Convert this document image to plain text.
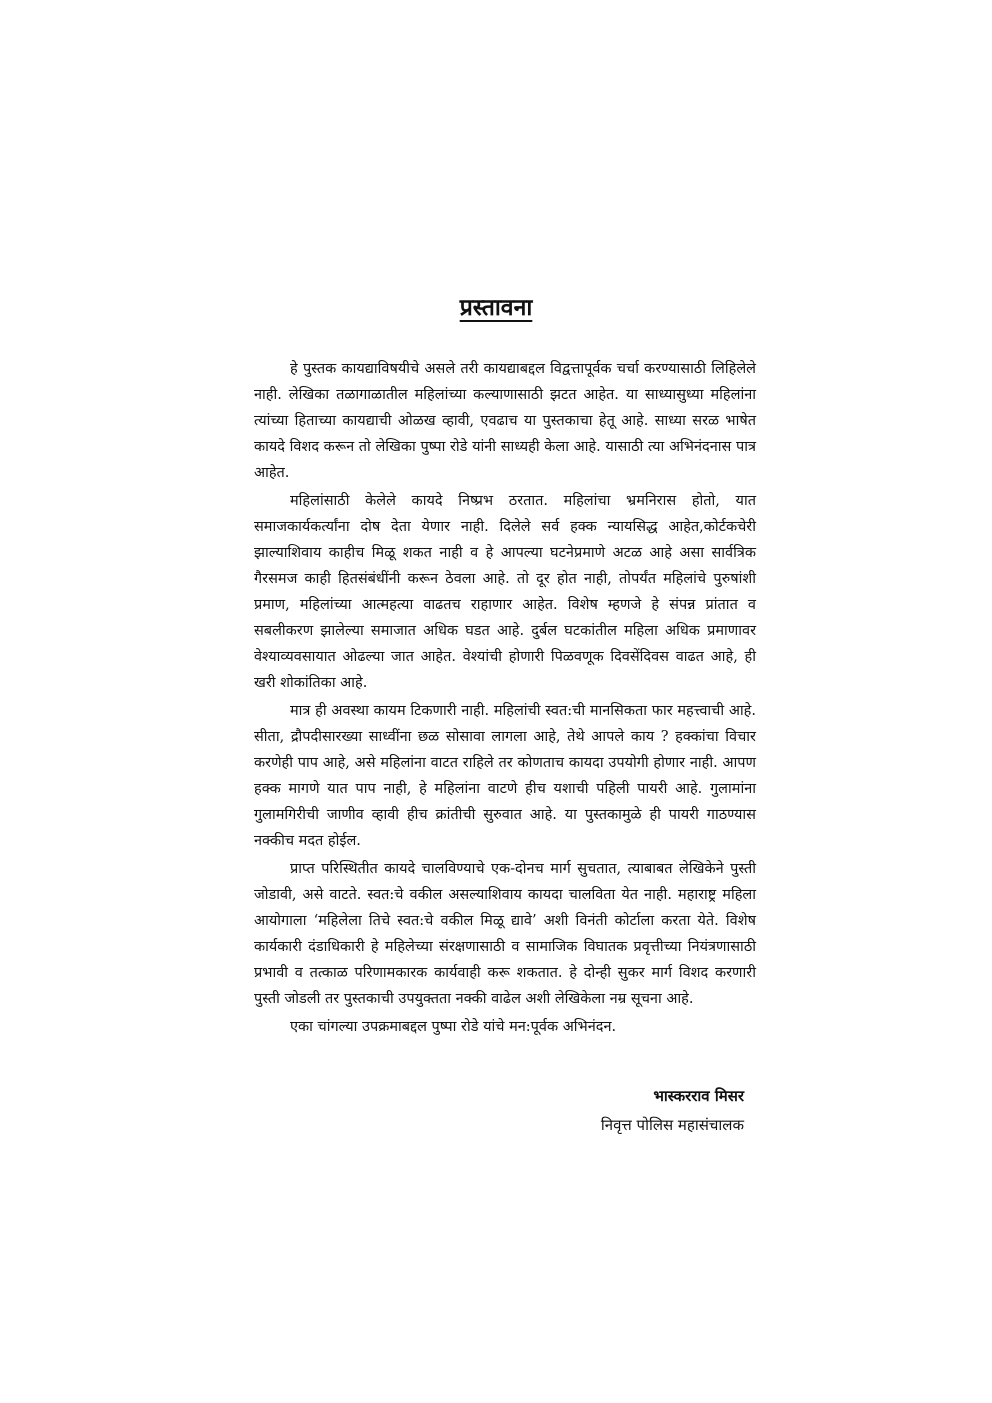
प्रस्तावना

हे पुस्तक कायद्याविषयीचे असले तरी कायद्याबद्दल विद्वत्तापूर्वक चर्चा करण्यासाठी लिहिलेले नाही. लेखिका तळागाळातील महिलांच्या कल्याणासाठी झटत आहेत. या साध्यासुध्या महिलांना त्यांच्या हिताच्या कायद्याची ओळख व्हावी, एवढाच या पुस्तकाचा हेतू आहे. साध्या सरळ भाषेत कायदे विशद करून तो लेखिका पुष्पा रोडे यांनी साध्यही केला आहे. यासाठी त्या अभिनंदनास पात्र आहेत.

महिलांसाठी केलेले कायदे निष्प्रभ ठरतात. महिलांचा भ्रमनिरास होतो, यात समाजकार्यकर्त्यांना दोष देता येणार नाही. दिलेले सर्व हक्क न्यायसिद्ध आहेत,कोर्टकचेरी झाल्याशिवाय काहीच मिळू शकत नाही व हे आपल्या घटनेप्रमाणे अटळ आहे असा सार्वत्रिक गैरसमज काही हितसंबंधींनी करून ठेवला आहे. तो दूर होत नाही, तोपर्यंत महिलांचे पुरुषांशी प्रमाण, महिलांच्या आत्महत्या वाढतच राहाणार आहेत. विशेष म्हणजे हे संपन्न प्रांतात व सबलीकरण झालेल्या समाजात अधिक घडत आहे. दुर्बल घटकांतील महिला अधिक प्रमाणावर वेश्याव्यवसायात ओढल्या जात आहेत. वेश्यांची होणारी पिळवणूक दिवसेंदिवस वाढत आहे, ही खरी शोकांतिका आहे.

मात्र ही अवस्था कायम टिकणारी नाही. महिलांची स्वत:ची मानसिकता फार महत्त्वाची आहे. सीता, द्रौपदीसारख्या साध्वींना छळ सोसावा लागला आहे, तेथे आपले काय ? हक्कांचा विचार करणेही पाप आहे, असे महिलांना वाटत राहिले तर कोणताच कायदा उपयोगी होणार नाही. आपण हक्क मागणे यात पाप नाही, हे महिलांना वाटणे हीच यशाची पहिली पायरी आहे. गुलामांना गुलामगिरीची जाणीव व्हावी हीच क्रांतीची सुरुवात आहे. या पुस्तकामुळे ही पायरी गाठण्यास नक्कीच मदत होईल.

प्राप्त परिस्थितीत कायदे चालविण्याचे एक-दोनच मार्ग सुचतात, त्याबाबत लेखिकेने पुस्ती जोडावी, असे वाटते. स्वत:चे वकील असल्याशिवाय कायदा चालविता येत नाही. महाराष्ट्र महिला आयोगाला ‘महिलेला तिचे स्वत:चे वकील मिळू द्यावे’ अशी विनंती कोर्टाला करता येते. विशेष कार्यकारी दंडाधिकारी हे महिलेच्या संरक्षणासाठी व सामाजिक विघातक प्रवृत्तीच्या नियंत्रणासाठी प्रभावी व तत्काळ परिणामकारक कार्यवाही करू शकतात. हे दोन्ही सुकर मार्ग विशद करणारी पुस्ती जोडली तर पुस्तकाची उपयुक्तता नक्की वाढेल अशी लेखिकेला नम्र सूचना आहे.

एका चांगल्या उपक्रमाबद्दल पुष्पा रोडे यांचे मन:पूर्वक अभिनंदन.

भास्करराव मिसर
निवृत्त पोलिस महासंचालक
